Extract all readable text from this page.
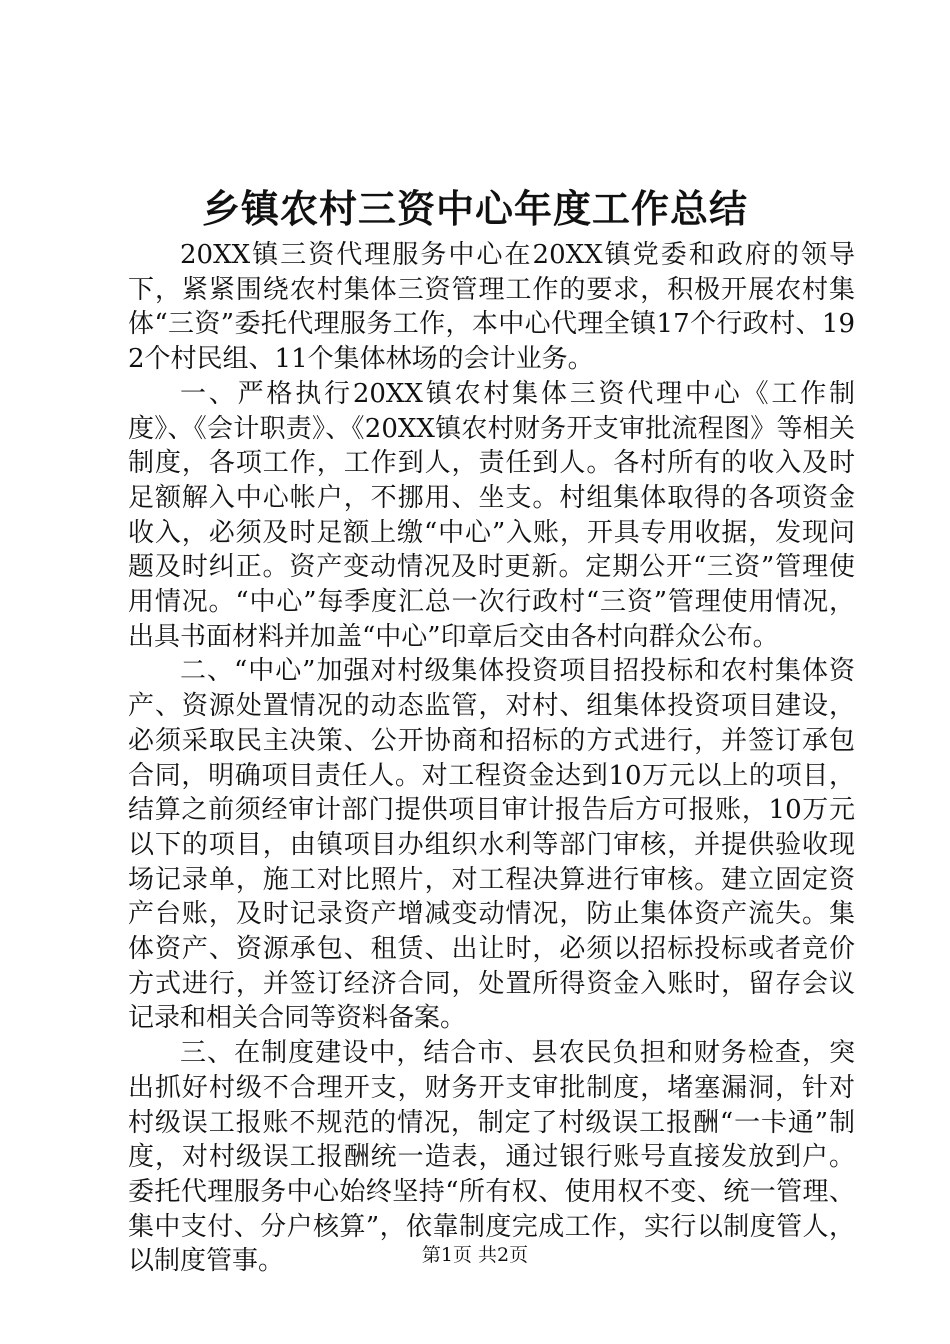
乡镇农村三资中心年度工作总结

20XX镇三资代理服务中心在20XX镇党委和政府的领导下，紧紧围绕农村集体三资管理工作的要求，积极开展农村集体“三资”委托代理服务工作，本中心代理全镇17个行政村、192个村民组、11个集体林场的会计业务。

一、严格执行20XX镇农村集体三资代理中心《工作制度》、《会计职责》、《20XX镇农村财务开支审批流程图》等相关制度，各项工作，工作到人，责任到人。各村所有的收入及时足额解入中心帐户，不挪用、坐支。村组集体取得的各项资金收入，必须及时足额上缴“中心”入账，开具专用收据，发现问题及时纠正。资产变动情况及时更新。定期公开“三资”管理使用情况。“中心”每季度汇总一次行政村“三资”管理使用情况，出具书面材料并加盖“中心”印章后交由各村向群众公布。

二、“中心”加强对村级集体投资项目招投标和农村集体资产、资源处置情况的动态监管，对村、组集体投资项目建设，必须采取民主决策、公开协商和招标的方式进行，并签订承包合同，明确项目责任人。对工程资金达到10万元以上的项目，结算之前须经审计部门提供项目审计报告后方可报账，10万元以下的项目，由镇项目办组织水利等部门审核，并提供验收现场记录单，施工对比照片，对工程决算进行审核。建立固定资产台账，及时记录资产增减变动情况，防止集体资产流失。集体资产、资源承包、租赁、出让时，必须以招标投标或者竞价方式进行，并签订经济合同，处置所得资金入账时，留存会议记录和相关合同等资料备案。

三、在制度建设中，结合市、县农民负担和财务检查，突出抓好村级不合理开支，财务开支审批制度，堵塞漏洞，针对村级误工报账不规范的情况，制定了村级误工报酬“一卡通”制度，对村级误工报酬统一造表，通过银行账号直接发放到户。委托代理服务中心始终坚持“所有权、使用权不变、统一管理、集中支付、分户核算”，依靠制度完成工作，实行以制度管人，以制度管事。	第1页 共2页
